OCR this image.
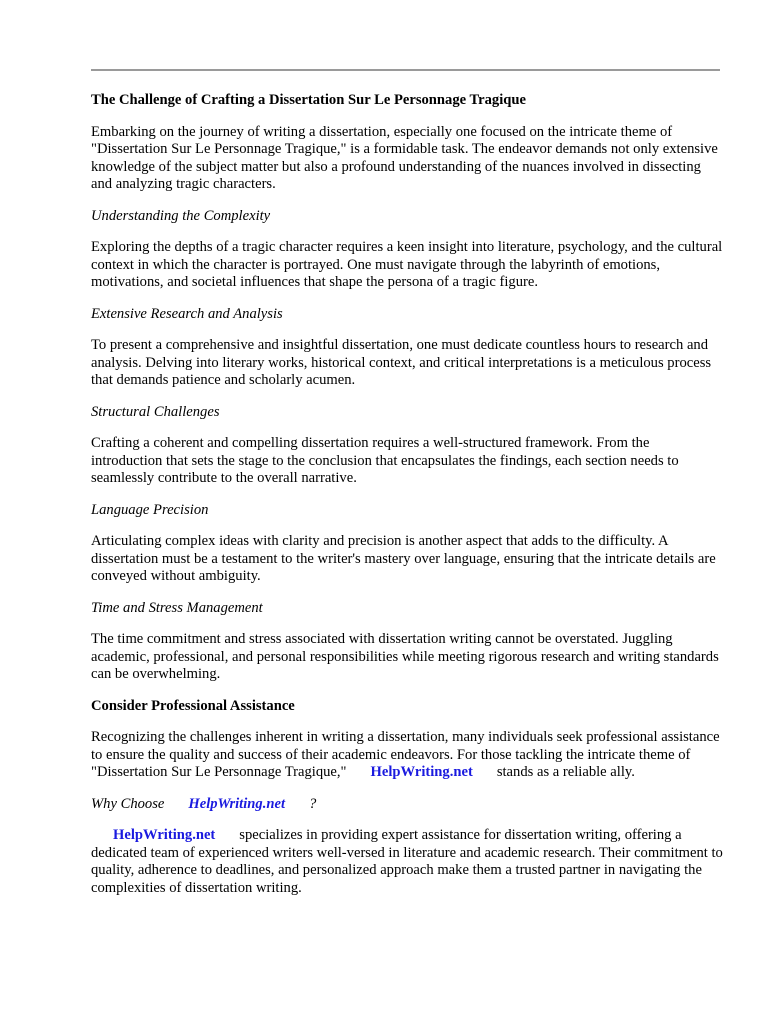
The Challenge of Crafting a Dissertation Sur Le Personnage Tragique

Embarking on the journey of writing a dissertation, especially one focused on the intricate theme of "Dissertation Sur Le Personnage Tragique," is a formidable task. The endeavor demands not only extensive knowledge of the subject matter but also a profound understanding of the nuances involved in dissecting and analyzing tragic characters.

Understanding the Complexity

Exploring the depths of a tragic character requires a keen insight into literature, psychology, and the cultural context in which the character is portrayed. One must navigate through the labyrinth of emotions, motivations, and societal influences that shape the persona of a tragic figure.

Extensive Research and Analysis

To present a comprehensive and insightful dissertation, one must dedicate countless hours to research and analysis. Delving into literary works, historical context, and critical interpretations is a meticulous process that demands patience and scholarly acumen.

Structural Challenges

Crafting a coherent and compelling dissertation requires a well-structured framework. From the introduction that sets the stage to the conclusion that encapsulates the findings, each section needs to seamlessly contribute to the overall narrative.

Language Precision

Articulating complex ideas with clarity and precision is another aspect that adds to the difficulty. A dissertation must be a testament to the writer's mastery over language, ensuring that the intricate details are conveyed without ambiguity.

Time and Stress Management

The time commitment and stress associated with dissertation writing cannot be overstated. Juggling academic, professional, and personal responsibilities while meeting rigorous research and writing standards can be overwhelming.

Consider Professional Assistance

Recognizing the challenges inherent in writing a dissertation, many individuals seek professional assistance to ensure the quality and success of their academic endeavors. For those tackling the intricate theme of "Dissertation Sur Le Personnage Tragique," HelpWriting.net stands as a reliable ally.

Why Choose HelpWriting.net ?

HelpWriting.net specializes in providing expert assistance for dissertation writing, offering a dedicated team of experienced writers well-versed in literature and academic research. Their commitment to quality, adherence to deadlines, and personalized approach make them a trusted partner in navigating the complexities of dissertation writing.
